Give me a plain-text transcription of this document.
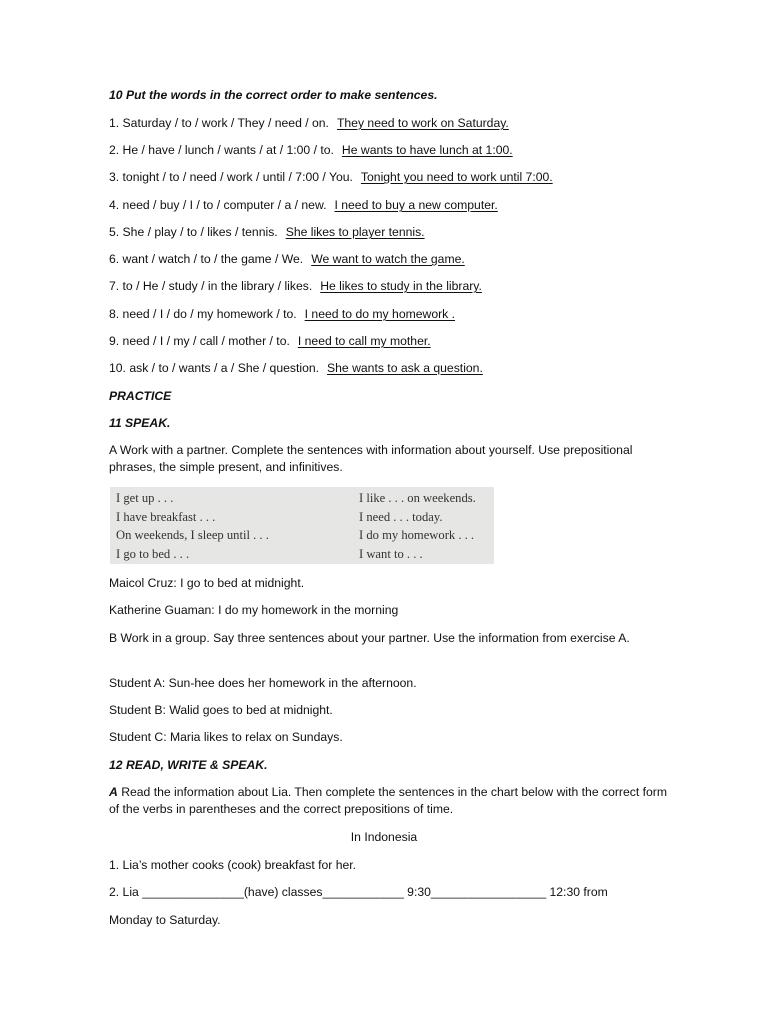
10 Put the words in the correct order to make sentences.
1. Saturday / to / work / They / need / on. They need to work on Saturday.
2. He / have / lunch / wants / at / 1:00 / to. He wants to have lunch at 1:00.
3. tonight / to / need / work / until / 7:00 / You. Tonight you need to work until 7:00.
4. need / buy / I / to / computer / a / new. I need to buy a new computer.
5. She / play / to / likes / tennis. She likes to player tennis.
6. want / watch / to / the game / We. We want to watch the game.
7. to / He / study / in the library / likes. He likes to study in the library.
8. need / I / do / my homework / to. I need to do my homework .
9. need / I / my / call / mother / to. I need to call my mother.
10. ask / to / wants / a / She / question. She wants to ask a question.
PRACTICE
11 SPEAK.
A Work with a partner. Complete the sentences with information about yourself. Use prepositional phrases, the simple present, and infinitives.
I get up . . .
I have breakfast . . .
On weekends, I sleep until . . .
I go to bed . . .
I like . . . on weekends.
I need . . . today.
I do my homework . . .
I want to . . .
Maicol Cruz: I go to bed at midnight.
Katherine Guaman: I do my homework in the morning
B Work in a group. Say three sentences about your partner. Use the information from exercise A.
Student A: Sun-hee does her homework in the afternoon.
Student B: Walid goes to bed at midnight.
Student C: Maria likes to relax on Sundays.
12 READ, WRITE & SPEAK.
A Read the information about Lia. Then complete the sentences in the chart below with the correct form of the verbs in parentheses and the correct prepositions of time.
In Indonesia
1. Lia’s mother cooks (cook) breakfast for her.
2. Lia _______________(have) classes____________ 9:30_________________ 12:30 from
Monday to Saturday.
